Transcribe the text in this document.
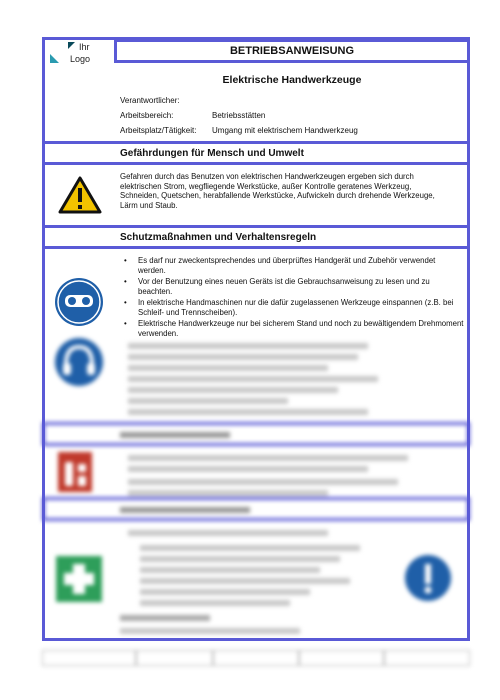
Ihr
Logo
BETRIEBSANWEISUNG
Elektrische Handwerkzeuge
Verantwortlicher:
Arbeitsbereich:	Betriebsstätten
Arbeitsplatz/Tätigkeit: Umgang mit elektrischem Handwerkzeug
Gefährdungen für Mensch und Umwelt
Gefahren durch das Benutzen von elektrischen Handwerkzeugen ergeben sich durch elektrischen Strom, wegfliegende Werkstücke, außer Kontrolle geratenes Werkzeug, Schneiden, Quetschen, herabfallende Werkstücke, Aufwickeln durch drehende Werkzeuge, Lärm und Staub.
Schutzmaßnahmen und Verhaltensregeln
• Es darf nur zweckentsprechendes und überprüftes Handgerät und Zubehör verwendet werden.
• Vor der Benutzung eines neuen Geräts ist die Gebrauchsanweisung zu lesen und zu beachten.
• In elektrische Handmaschinen nur die dafür zugelassenen Werkzeuge einspannen (z.B. bei Schleif- und Trennscheiben).
• Elektrische Handwerkzeuge nur bei sicherem Stand und noch zu bewältigendem Drehmoment verwenden.
